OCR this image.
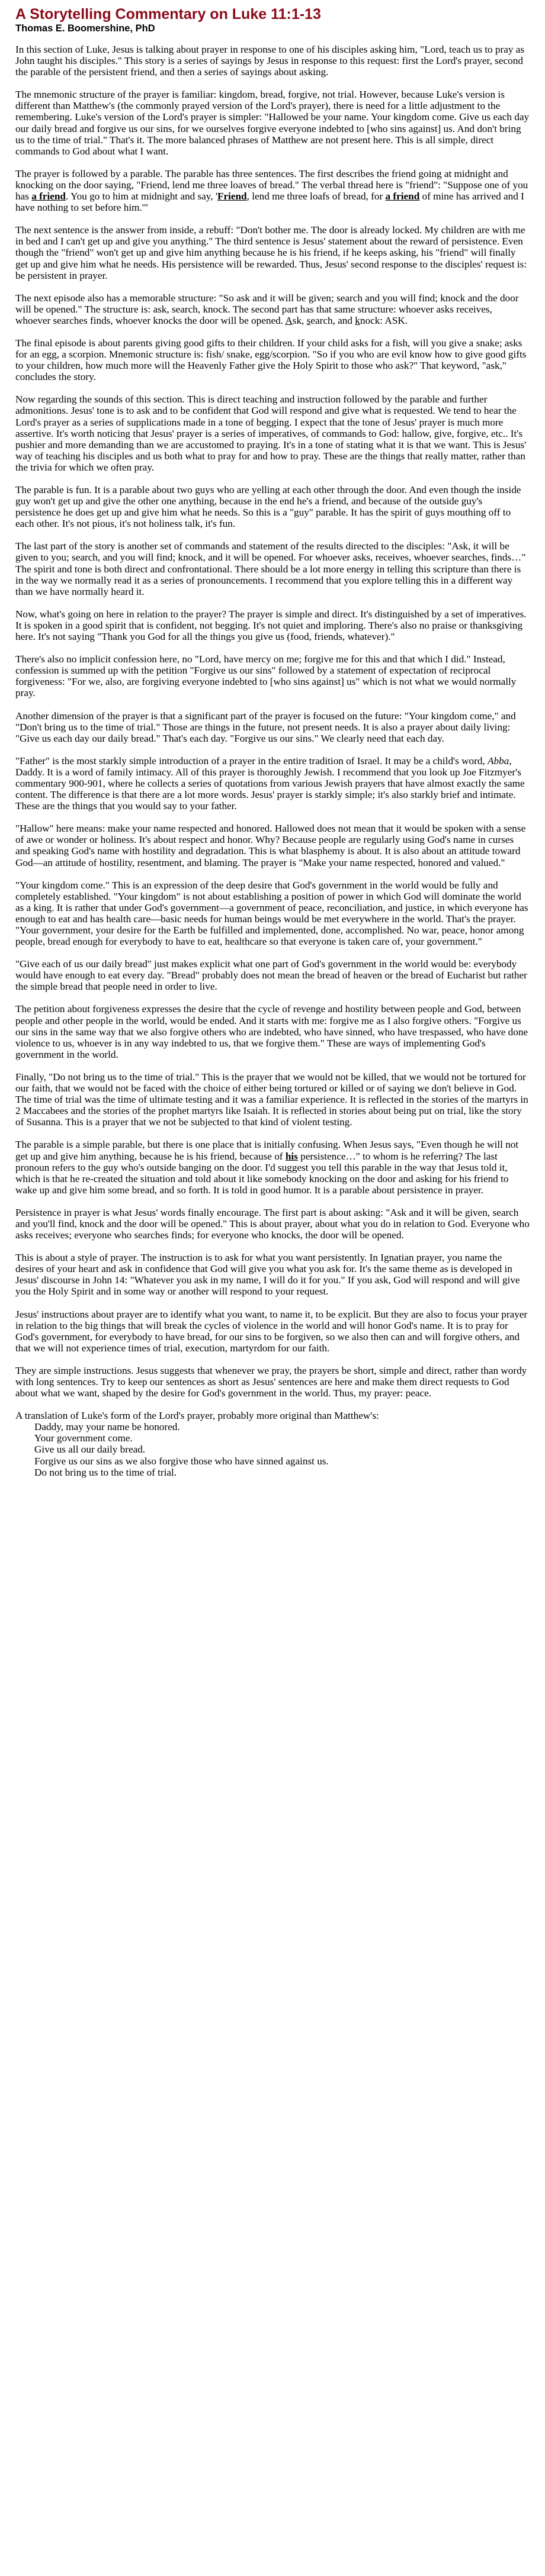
A Storytelling Commentary on Luke 11:1-13
Thomas E. Boomershine, PhD

In this section of Luke, Jesus is talking about prayer in response to one of his disciples asking him, "Lord, teach us to pray as John taught his disciples." This story is a series of sayings by Jesus in response to this request: first the Lord's prayer, second the parable of the persistent friend, and then a series of sayings about asking.

The mnemonic structure of the prayer is familiar: kingdom, bread, forgive, not trial. However, because Luke's version is different than Matthew's (the commonly prayed version of the Lord's prayer), there is need for a little adjustment to the remembering. Luke's version of the Lord's prayer is simpler: "Hallowed be your name. Your kingdom come. Give us each day our daily bread and forgive us our sins, for we ourselves forgive everyone indebted to [who sins against] us. And don't bring us to the time of trial." That's it. The more balanced phrases of Matthew are not present here. This is all simple, direct commands to God about what I want.

The prayer is followed by a parable. The parable has three sentences. The first describes the friend going at midnight and knocking on the door saying, "Friend, lend me three loaves of bread." The verbal thread here is "friend": "Suppose one of you has a friend. You go to him at midnight and say, 'Friend, lend me three loafs of bread, for a friend of mine has arrived and I have nothing to set before him.'"

The next sentence is the answer from inside, a rebuff: "Don't bother me. The door is already locked. My children are with me in bed and I can't get up and give you anything." The third sentence is Jesus' statement about the reward of persistence. Even though the "friend" won't get up and give him anything because he is his friend, if he keeps asking, his "friend" will finally get up and give him what he needs. His persistence will be rewarded. Thus, Jesus' second response to the disciples' request is: be persistent in prayer.

The next episode also has a memorable structure: "So ask and it will be given; search and you will find; knock and the door will be opened." The structure is: ask, search, knock. The second part has that same structure: whoever asks receives, whoever searches finds, whoever knocks the door will be opened. Ask, search, and knock: ASK.

The final episode is about parents giving good gifts to their children. If your child asks for a fish, will you give a snake; asks for an egg, a scorpion. Mnemonic structure is: fish/ snake, egg/scorpion. "So if you who are evil know how to give good gifts to your children, how much more will the Heavenly Father give the Holy Spirit to those who ask?" That keyword, "ask," concludes the story.

Now regarding the sounds of this section. This is direct teaching and instruction followed by the parable and further admonitions. Jesus' tone is to ask and to be confident that God will respond and give what is requested. We tend to hear the Lord's prayer as a series of supplications made in a tone of begging. I expect that the tone of Jesus' prayer is much more assertive. It's worth noticing that Jesus' prayer is a series of imperatives, of commands to God: hallow, give, forgive, etc.. It's pushier and more demanding than we are accustomed to praying. It's in a tone of stating what it is that we want. This is Jesus' way of teaching his disciples and us both what to pray for and how to pray. These are the things that really matter, rather than the trivia for which we often pray.

The parable is fun. It is a parable about two guys who are yelling at each other through the door. And even though the inside guy won't get up and give the other one anything, because in the end he's a friend, and because of the outside guy's persistence he does get up and give him what he needs. So this is a "guy" parable. It has the spirit of guys mouthing off to each other. It's not pious, it's not holiness talk, it's fun.

The last part of the story is another set of commands and statement of the results directed to the disciples: "Ask, it will be given to you; search, and you will find; knock, and it will be opened. For whoever asks, receives, whoever searches, finds…" The spirit and tone is both direct and confrontational. There should be a lot more energy in telling this scripture than there is in the way we normally read it as a series of pronouncements. I recommend that you explore telling this in a different way than we have normally heard it.

Now, what's going on here in relation to the prayer? The prayer is simple and direct. It's distinguished by a set of imperatives. It is spoken in a good spirit that is confident, not begging. It's not quiet and imploring. There's also no praise or thanksgiving here. It's not saying "Thank you God for all the things you give us (food, friends, whatever)."

There's also no implicit confession here, no "Lord, have mercy on me; forgive me for this and that which I did." Instead, confession is summed up with the petition "Forgive us our sins" followed by a statement of expectation of reciprocal forgiveness: "For we, also, are forgiving everyone indebted to [who sins against] us" which is not what we would normally pray.

Another dimension of the prayer is that a significant part of the prayer is focused on the future: "Your kingdom come," and "Don't bring us to the time of trial." Those are things in the future, not present needs. It is also a prayer about daily living: "Give us each day our daily bread." That's each day. "Forgive us our sins." We clearly need that each day.

"Father" is the most starkly simple introduction of a prayer in the entire tradition of Israel. It may be a child's word, Abba, Daddy. It is a word of family intimacy. All of this prayer is thoroughly Jewish. I recommend that you look up Joe Fitzmyer's commentary 900-901, where he collects a series of quotations from various Jewish prayers that have almost exactly the same content. The difference is that there are a lot more words. Jesus' prayer is starkly simple; it's also starkly brief and intimate. These are the things that you would say to your father.

"Hallow" here means: make your name respected and honored. Hallowed does not mean that it would be spoken with a sense of awe or wonder or holiness. It's about respect and honor. Why? Because people are regularly using God's name in curses and speaking God's name with hostility and degradation. This is what blasphemy is about. It is also about an attitude toward God—an attitude of hostility, resentment, and blaming. The prayer is "Make your name respected, honored and valued."

"Your kingdom come." This is an expression of the deep desire that God's government in the world would be fully and completely established. "Your kingdom" is not about establishing a position of power in which God will dominate the world as a king. It is rather that under God's government—a government of peace, reconciliation, and justice, in which everyone has enough to eat and has health care—basic needs for human beings would be met everywhere in the world. That's the prayer. "Your government, your desire for the Earth be fulfilled and implemented, done, accomplished. No war, peace, honor among people, bread enough for everybody to have to eat, healthcare so that everyone is taken care of, your government."

"Give each of us our daily bread" just makes explicit what one part of God's government in the world would be: everybody would have enough to eat every day. "Bread" probably does not mean the bread of heaven or the bread of Eucharist but rather the simple bread that people need in order to live.

The petition about forgiveness expresses the desire that the cycle of revenge and hostility between people and God, between people and other people in the world, would be ended. And it starts with me: forgive me as I also forgive others. "Forgive us our sins in the same way that we also forgive others who are indebted, who have sinned, who have trespassed, who have done violence to us, whoever is in any way indebted to us, that we forgive them." These are ways of implementing God's government in the world.

Finally, "Do not bring us to the time of trial." This is the prayer that we would not be killed, that we would not be tortured for our faith, that we would not be faced with the choice of either being tortured or killed or of saying we don't believe in God. The time of trial was the time of ultimate testing and it was a familiar experience. It is reflected in the stories of the martyrs in 2 Maccabees and the stories of the prophet martyrs like Isaiah. It is reflected in stories about being put on trial, like the story of Susanna. This is a prayer that we not be subjected to that kind of violent testing.

The parable is a simple parable, but there is one place that is initially confusing. When Jesus says, "Even though he will not get up and give him anything, because he is his friend, because of his persistence…" to whom is he referring? The last pronoun refers to the guy who's outside banging on the door. I'd suggest you tell this parable in the way that Jesus told it, which is that he re-created the situation and told about it like somebody knocking on the door and asking for his friend to wake up and give him some bread, and so forth. It is told in good humor. It is a parable about persistence in prayer.

Persistence in prayer is what Jesus' words finally encourage. The first part is about asking: "Ask and it will be given, search and you'll find, knock and the door will be opened." This is about prayer, about what you do in relation to God. Everyone who asks receives; everyone who searches finds; for everyone who knocks, the door will be opened.

This is about a style of prayer. The instruction is to ask for what you want persistently. In Ignatian prayer, you name the desires of your heart and ask in confidence that God will give you what you ask for. It's the same theme as is developed in Jesus' discourse in John 14: "Whatever you ask in my name, I will do it for you." If you ask, God will respond and will give you the Holy Spirit and in some way or another will respond to your request.

Jesus' instructions about prayer are to identify what you want, to name it, to be explicit. But they are also to focus your prayer in relation to the big things that will break the cycles of violence in the world and will honor God's name. It is to pray for God's government, for everybody to have bread, for our sins to be forgiven, so we also then can and will forgive others, and that we will not experience times of trial, execution, martyrdom for our faith.

They are simple instructions. Jesus suggests that whenever we pray, the prayers be short, simple and direct, rather than wordy with long sentences. Try to keep our sentences as short as Jesus' sentences are here and make them direct requests to God about what we want, shaped by the desire for God's government in the world. Thus, my prayer: peace.

A translation of Luke's form of the Lord's prayer, probably more original than Matthew's:
Daddy, may your name be honored.
Your government come.
Give us all our daily bread.
Forgive us our sins as we also forgive those who have sinned against us.
Do not bring us to the time of trial.
